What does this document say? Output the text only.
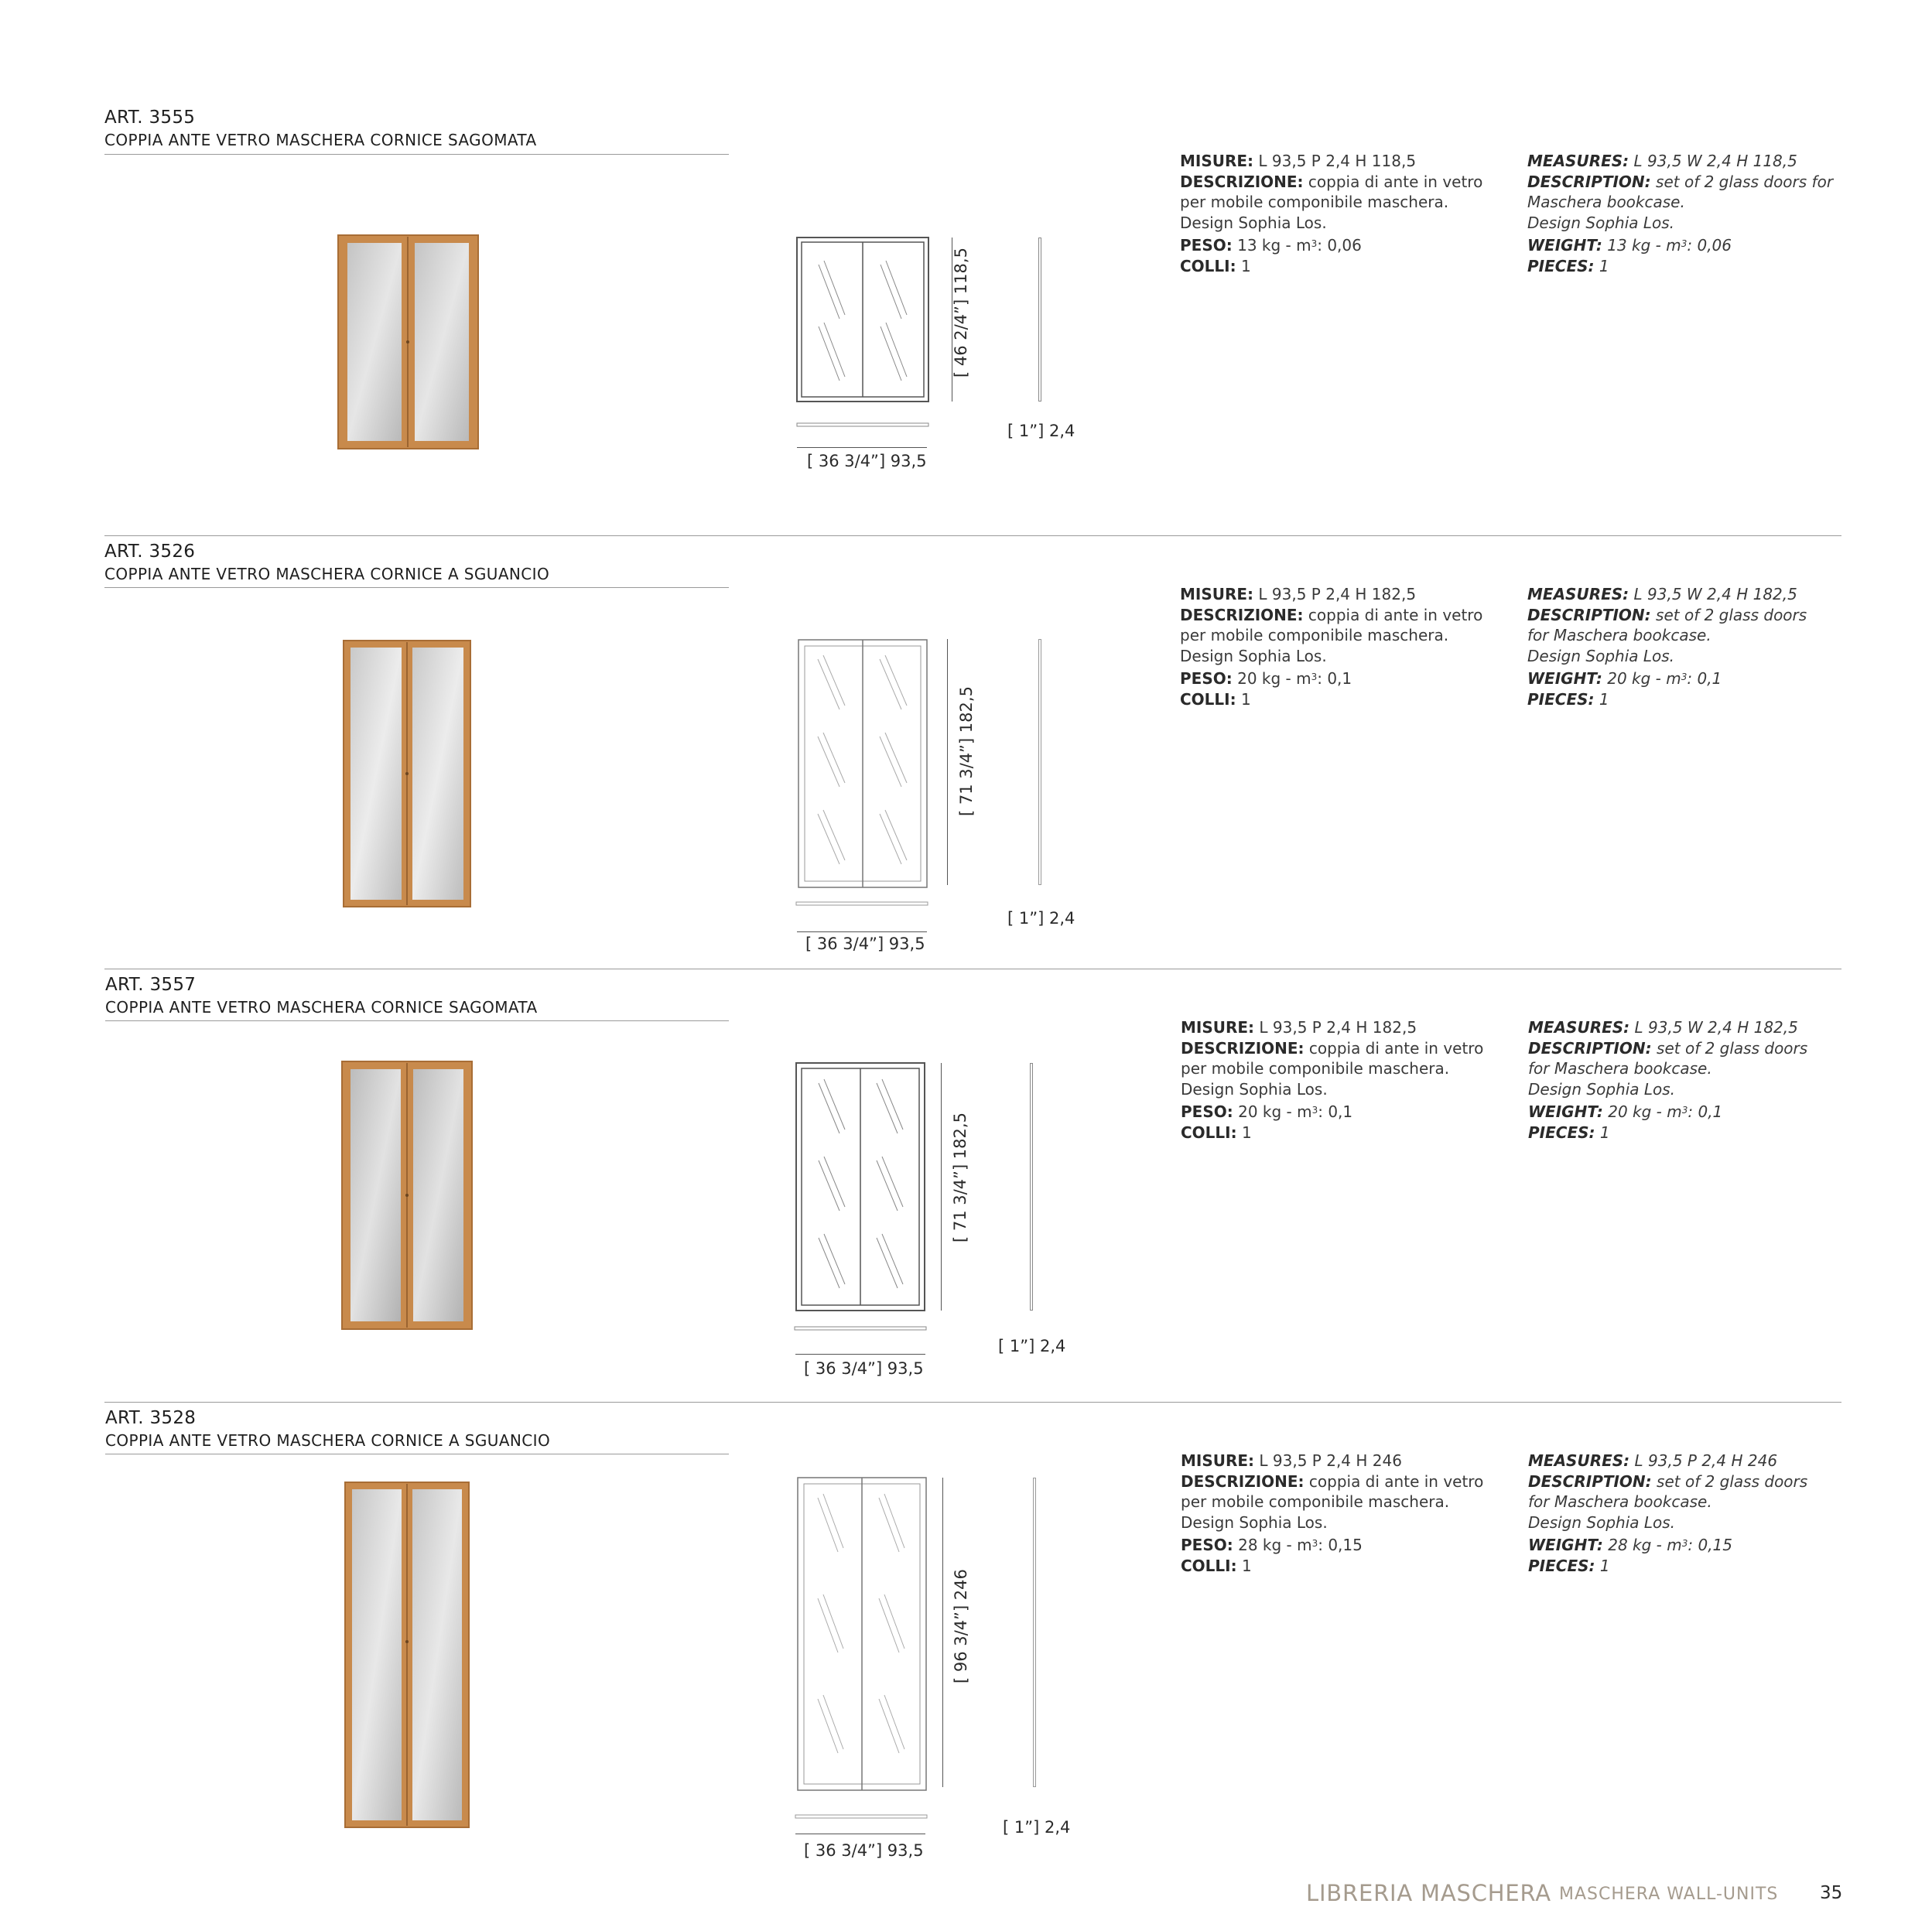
ART. 3555
COPPIA ANTE VETRO MASCHERA CORNICE SAGOMATA
[ 36 3/4”] 93,5
[ 46 2/4”] 118,5
[ 1”] 2,4
MISURE: L 93,5 P 2,4 H 118,5
DESCRIZIONE: coppia di ante in vetro
per mobile componibile maschera.
Design Sophia Los.
PESO: 13 kg - $m^3$: 0,06
COLLI: 1
MEASURES: L 93,5 W 2,4 H 118,5
DESCRIPTION: set of 2 glass doors for
Maschera bookcase.
Design Sophia Los.
WEIGHT: 13 kg - $m^3$: 0,06
PIECES: 1
ART. 3526
COPPIA ANTE VETRO MASCHERA CORNICE A SGUANCIO
[ 36 3/4”] 93,5
[ 71 3/4”] 182,5
[ 1”] 2,4
MISURE: L 93,5 P 2,4 H 182,5
DESCRIZIONE: coppia di ante in vetro
per mobile componibile maschera.
Design Sophia Los.
PESO: 20 kg - $m^3$: 0,1
COLLI: 1
MEASURES: L 93,5 W 2,4 H 182,5
DESCRIPTION: set of 2 glass doors
for Maschera bookcase.
Design Sophia Los.
WEIGHT: 20 kg - $m^3$: 0,1
PIECES: 1
ART. 3557
COPPIA ANTE VETRO MASCHERA CORNICE SAGOMATA
[ 36 3/4”] 93,5
[ 71 3/4”] 182,5
[ 1”] 2,4
MISURE: L 93,5 P 2,4 H 182,5
DESCRIZIONE: coppia di ante in vetro
per mobile componibile maschera.
Design Sophia Los.
PESO: 20 kg - $m^3$: 0,1
COLLI: 1
MEASURES: L 93,5 W 2,4 H 182,5
DESCRIPTION: set of 2 glass doors
for Maschera bookcase.
Design Sophia Los.
WEIGHT: 20 kg - $m^3$: 0,1
PIECES: 1
ART. 3528
COPPIA ANTE VETRO MASCHERA CORNICE A SGUANCIO
[ 36 3/4”] 93,5
[ 96 3/4”] 246
[ 1”] 2,4
MISURE: L 93,5 P 2,4 H 246
DESCRIZIONE: coppia di ante in vetro
per mobile componibile maschera.
Design Sophia Los.
PESO: 28 kg - $m^3$: 0,15
COLLI: 1
MEASURES: L 93,5 P 2,4 H 246
DESCRIPTION: set of 2 glass doors
for Maschera bookcase.
Design Sophia Los.
WEIGHT: 28 kg - $m^3$: 0,15
PIECES: 1
LIBRERIA MASCHERA MASCHERA WALL-UNITS 35
